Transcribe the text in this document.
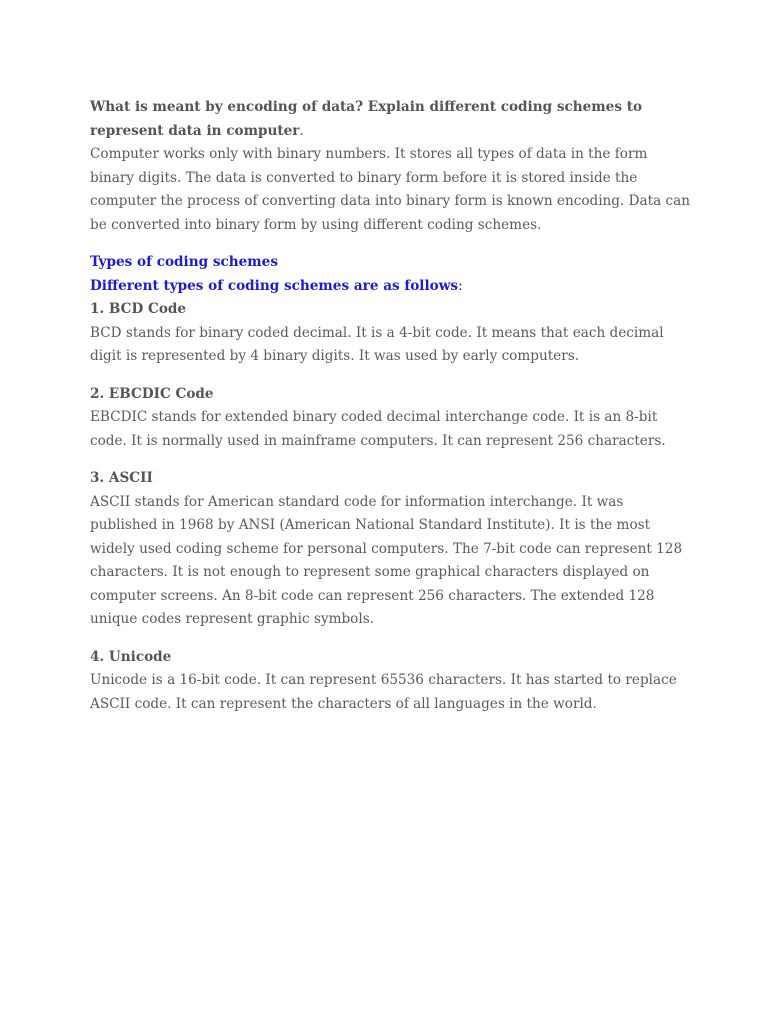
What is meant by encoding of data? Explain different coding schemes to represent data in computer.

Computer works only with binary numbers. It stores all types of data in the form binary digits. The data is converted to binary form before it is stored inside the computer the process of converting data into binary form is known encoding. Data can be converted into binary form by using different coding schemes.

Types of coding schemes

Different types of coding schemes are as follows:

1. BCD Code

BCD stands for binary coded decimal. It is a 4-bit code. It means that each decimal digit is represented by 4 binary digits. It was used by early computers.

2. EBCDIC Code

EBCDIC stands for extended binary coded decimal interchange code. It is an 8-bit code. It is normally used in mainframe computers. It can represent 256 characters.

3. ASCII

ASCII stands for American standard code for information interchange. It was published in 1968 by ANSI (American National Standard Institute). It is the most widely used coding scheme for personal computers. The 7-bit code can represent 128 characters. It is not enough to represent some graphical characters displayed on computer screens. An 8-bit code can represent 256 characters. The extended 128 unique codes represent graphic symbols.

4. Unicode

Unicode is a 16-bit code. It can represent 65536 characters. It has started to replace ASCII code. It can represent the characters of all languages in the world.
